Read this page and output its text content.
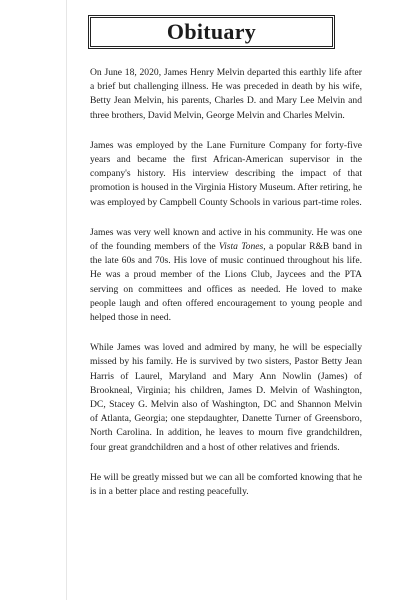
Obituary

On June 18, 2020, James Henry Melvin departed this earthly life after a brief but challenging illness. He was preceded in death by his wife, Betty Jean Melvin, his parents, Charles D. and Mary Lee Melvin and three brothers, David Melvin, George Melvin and Charles Melvin.

James was employed by the Lane Furniture Company for forty-five years and became the first African-American supervisor in the company's history. His interview describing the impact of that promotion is housed in the Virginia History Museum. After retiring, he was employed by Campbell County Schools in various part-time roles.

James was very well known and active in his community. He was one of the founding members of the Vista Tones, a popular R&B band in the late 60s and 70s. His love of music continued throughout his life. He was a proud member of the Lions Club, Jaycees and the PTA serving on committees and offices as needed. He loved to make people laugh and often offered encouragement to young people and helped those in need.

While James was loved and admired by many, he will be especially missed by his family. He is survived by two sisters, Pastor Betty Jean Harris of Laurel, Maryland and Mary Ann Nowlin (James) of Brookneal, Virginia; his children, James D. Melvin of Washington, DC, Stacey G. Melvin also of Washington, DC and Shannon Melvin of Atlanta, Georgia; one stepdaughter, Danette Turner of Greensboro, North Carolina. In addition, he leaves to mourn five grandchildren, four great grandchildren and a host of other relatives and friends.

He will be greatly missed but we can all be comforted knowing that he is in a better place and resting peacefully.
